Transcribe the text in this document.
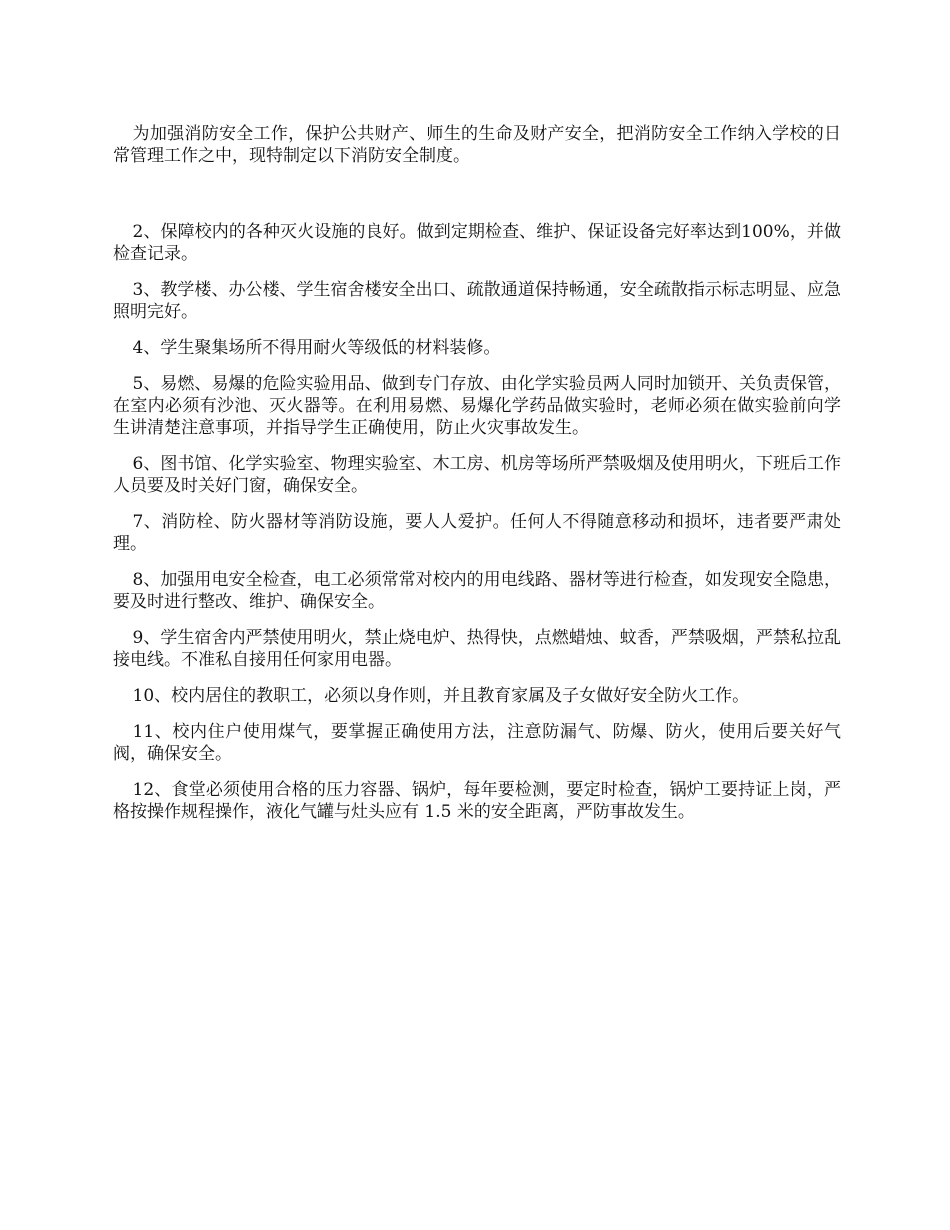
为加强消防安全工作，保护公共财产、师生的生命及财产安全，把消防安全工作纳入学校的日常管理工作之中，现特制定以下消防安全制度。

2、保障校内的各种灭火设施的良好。做到定期检查、维护、保证设备完好率达到100%，并做检查记录。

3、教学楼、办公楼、学生宿舍楼安全出口、疏散通道保持畅通，安全疏散指示标志明显、应急照明完好。

4、学生聚集场所不得用耐火等级低的材料装修。

5、易燃、易爆的危险实验用品、做到专门存放、由化学实验员两人同时加锁开、关负责保管，在室内必须有沙池、灭火器等。在利用易燃、易爆化学药品做实验时，老师必须在做实验前向学生讲清楚注意事项，并指导学生正确使用，防止火灾事故发生。

6、图书馆、化学实验室、物理实验室、木工房、机房等场所严禁吸烟及使用明火，下班后工作人员要及时关好门窗，确保安全。

7、消防栓、防火器材等消防设施，要人人爱护。任何人不得随意移动和损坏，违者要严肃处理。

8、加强用电安全检查，电工必须常常对校内的用电线路、器材等进行检查，如发现安全隐患，要及时进行整改、维护、确保安全。

9、学生宿舍内严禁使用明火，禁止烧电炉、热得快，点燃蜡烛、蚊香，严禁吸烟，严禁私拉乱接电线。不准私自接用任何家用电器。

10、校内居住的教职工，必须以身作则，并且教育家属及子女做好安全防火工作。

11、校内住户使用煤气，要掌握正确使用方法，注意防漏气、防爆、防火，使用后要关好气阀，确保安全。

12、食堂必须使用合格的压力容器、锅炉，每年要检测，要定时检查，锅炉工要持证上岗，严格按操作规程操作，液化气罐与灶头应有 1.5 米的安全距离，严防事故发生。
